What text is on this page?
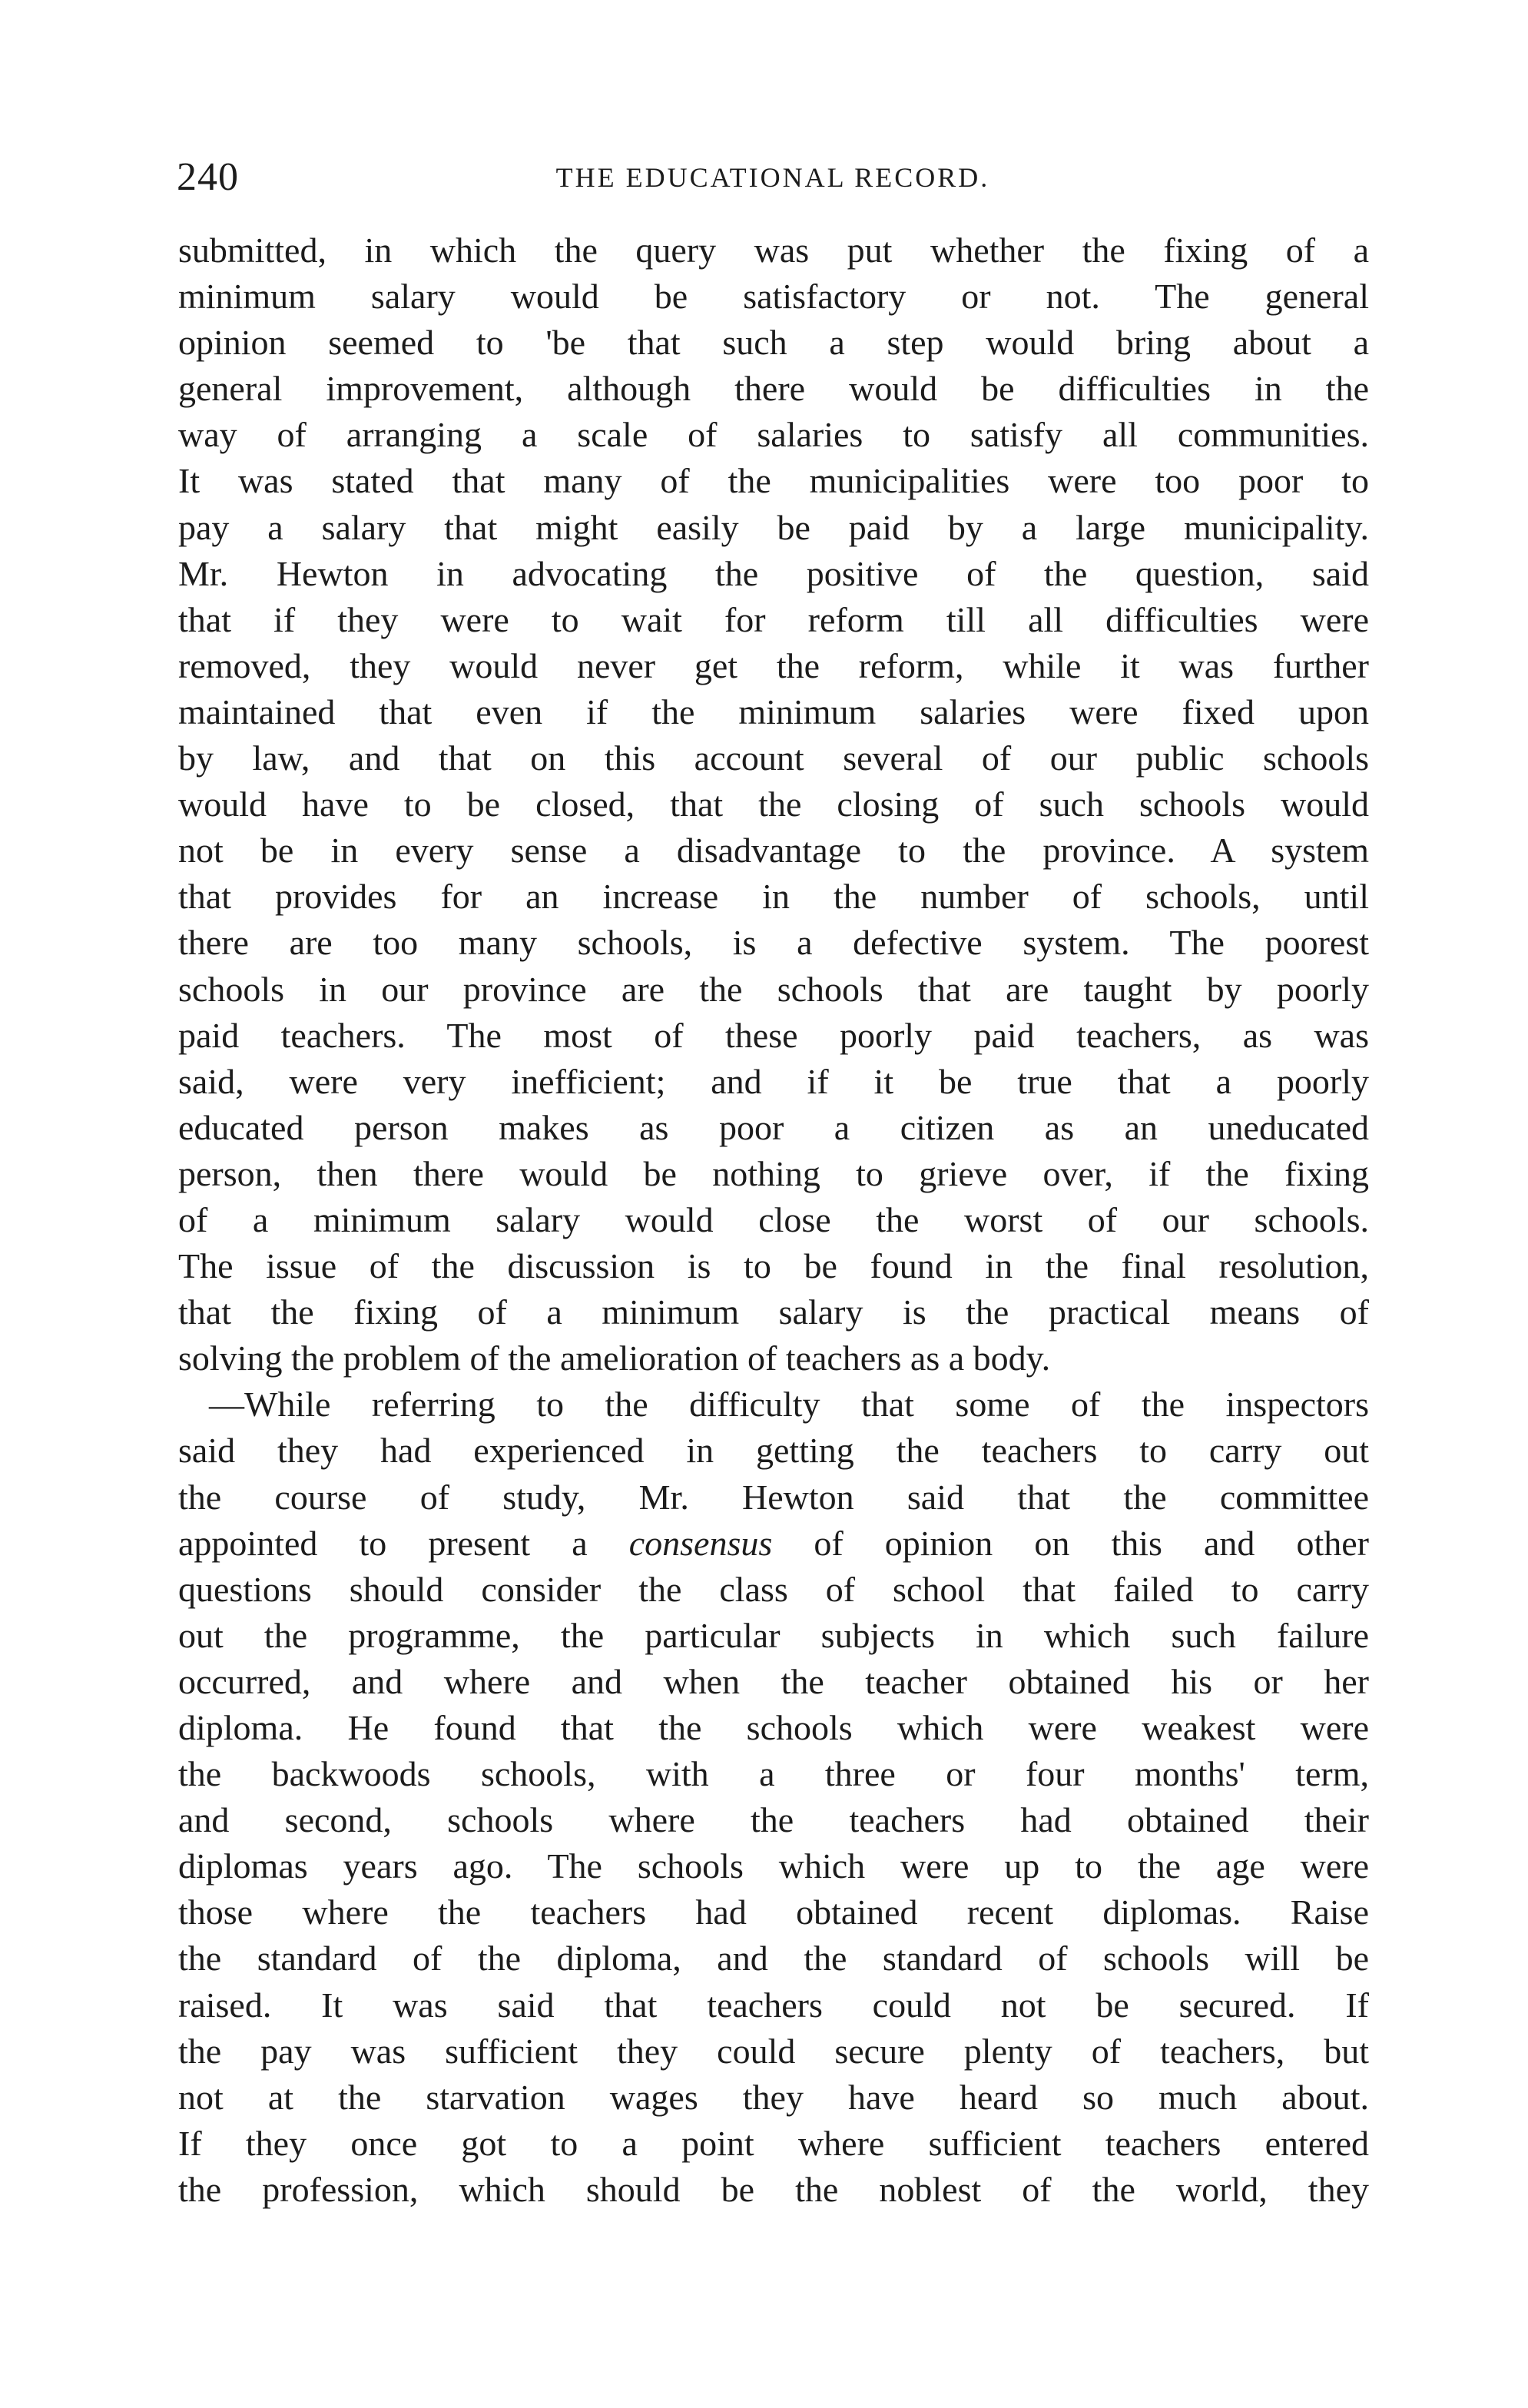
240	THE EDUCATIONAL RECORD.
submitted, in which the query was put whether the fixing of a
minimum salary would be satisfactory or not. The general
opinion seemed to 'be that such a step would bring about a
general improvement, although there would be difficulties in the
way of arranging a scale of salaries to satisfy all communities.
It was stated that many of the municipalities were too poor to
pay a salary that might easily be paid by a large municipality.
Mr. Hewton in advocating the positive of the question, said
that if they were to wait for reform till all difficulties were
removed, they would never get the reform, while it was further
maintained that even if the minimum salaries were fixed upon
by law, and that on this account several of our public schools
would have to be closed, that the closing of such schools would
not be in every sense a disadvantage to the province. A system
that provides for an increase in the number of schools, until
there are too many schools, is a defective system. The poorest
schools in our province are the schools that are taught by poorly
paid teachers. The most of these poorly paid teachers, as was
said, were very inefficient; and if it be true that a poorly
educated person makes as poor a citizen as an uneducated
person, then there would be nothing to grieve over, if the fixing
of a minimum salary would close the worst of our schools.
The issue of the discussion is to be found in the final resolution,
that the fixing of a minimum salary is the practical means of
solving the problem of the amelioration of teachers as a body.
—While referring to the difficulty that some of the inspectors
said they had experienced in getting the teachers to carry out
the course of study, Mr. Hewton said that the committee
appointed to present a consensus of opinion on this and other
questions should consider the class of school that failed to carry
out the programme, the particular subjects in which such failure
occurred, and where and when the teacher obtained his or her
diploma. He found that the schools which were weakest were
the backwoods schools, with a three or four months' term,
and second, schools where the teachers had obtained their
diplomas years ago. The schools which were up to the age were
those where the teachers had obtained recent diplomas. Raise
the standard of the diploma, and the standard of schools will be
raised. It was said that teachers could not be secured. If
the pay was sufficient they could secure plenty of teachers, but
not at the starvation wages they have heard so much about.
If they once got to a point where sufficient teachers entered
the profession, which should be the noblest of the world, they
